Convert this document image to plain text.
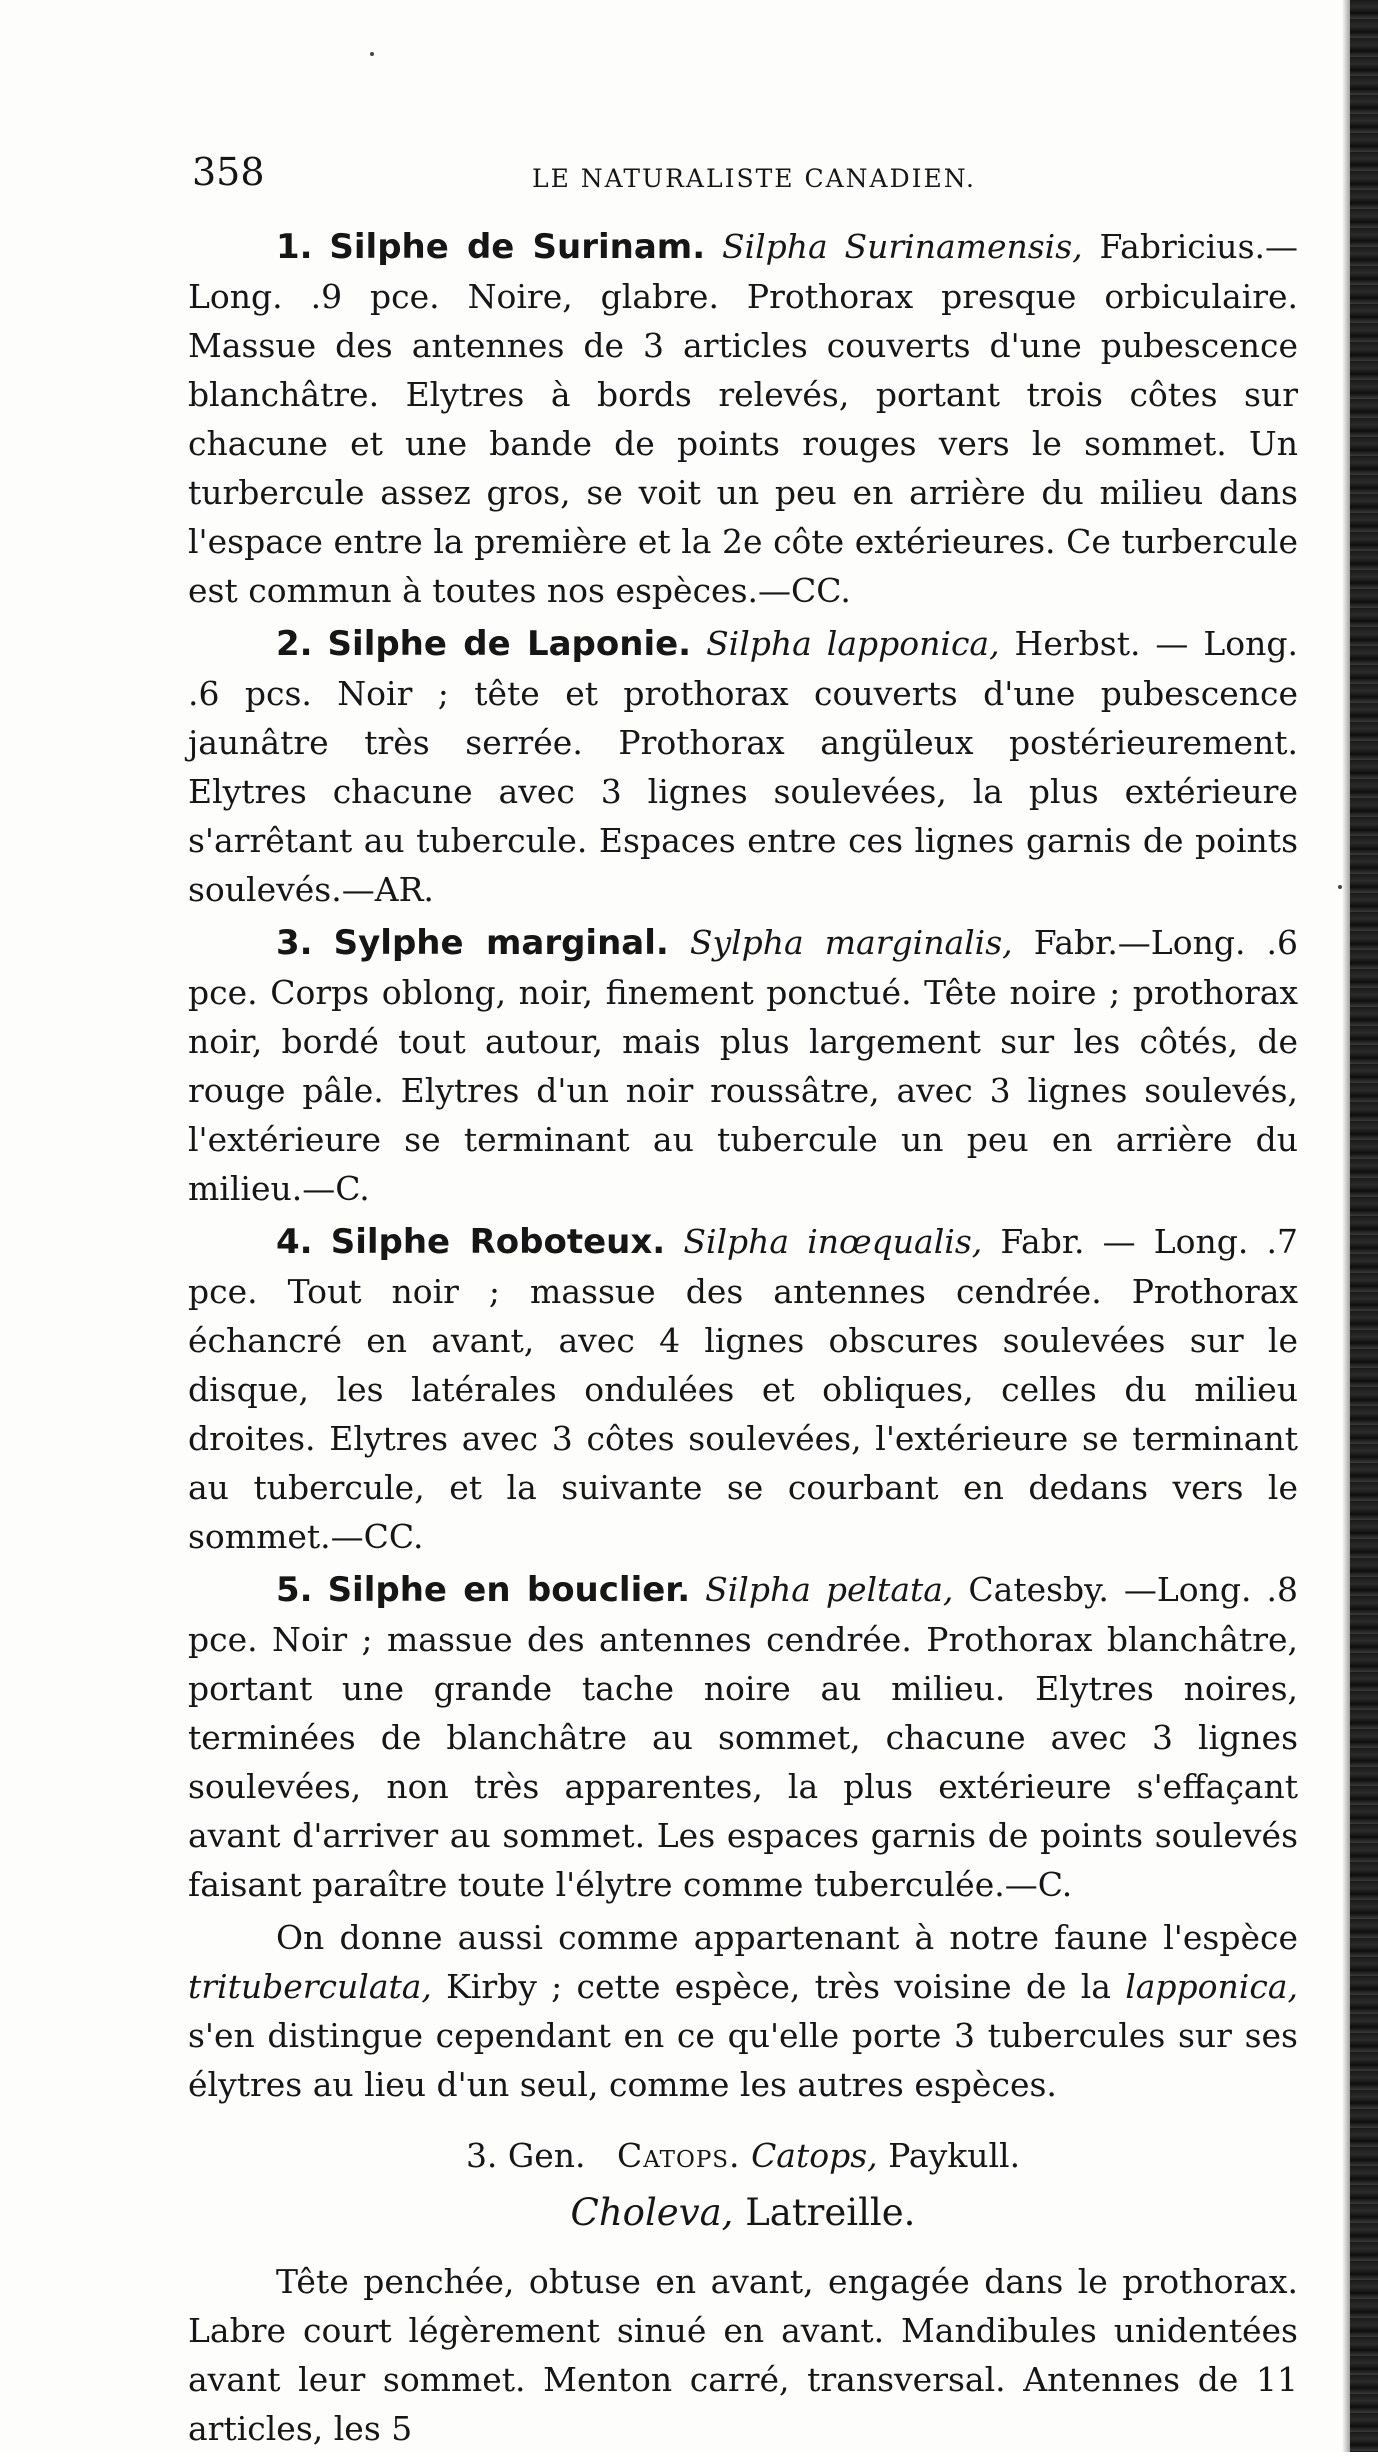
358	LE NATURALISTE CANADIEN.

1. Silphe de Surinam. Silpha Surinamensis, Fabricius.—Long. .9 pce. Noire, glabre. Prothorax presque orbiculaire. Massue des antennes de 3 articles couverts d'une pubescence blanchâtre. Elytres à bords relevés, portant trois côtes sur chacune et une bande de points rouges vers le sommet. Un turbercule assez gros, se voit un peu en arrière du milieu dans l'espace entre la première et la 2e côte extérieures. Ce turbercule est commun à toutes nos espèces.—CC.

2. Silphe de Laponie. Silpha lapponica, Herbst. — Long. .6 pcs. Noir ; tête et prothorax couverts d'une pubescence jaunâtre très serrée. Prothorax angüleux postérieurement. Elytres chacune avec 3 lignes soulevées, la plus extérieure s'arrêtant au tubercule. Espaces entre ces lignes garnis de points soulevés.—AR.

3. Sylphe marginal. Sylpha marginalis, Fabr.—Long. .6 pce. Corps oblong, noir, finement ponctué. Tête noire ; prothorax noir, bordé tout autour, mais plus largement sur les côtés, de rouge pâle. Elytres d'un noir roussâtre, avec 3 lignes soulevés, l'extérieure se terminant au tubercule un peu en arrière du milieu.—C.

4. Silphe Roboteux. Silpha inœqualis, Fabr. — Long. .7 pce. Tout noir ; massue des antennes cendrée. Prothorax échancré en avant, avec 4 lignes obscures soulevées sur le disque, les latérales ondulées et obliques, celles du milieu droites. Elytres avec 3 côtes soulevées, l'extérieure se terminant au tubercule, et la suivante se courbant en dedans vers le sommet.—CC.

5. Silphe en bouclier. Silpha peltata, Catesby. —Long. .8 pce. Noir ; massue des antennes cendrée. Prothorax blanchâtre, portant une grande tache noire au milieu. Elytres noires, terminées de blanchâtre au sommet, chacune avec 3 lignes soulevées, non très apparentes, la plus extérieure s'effaçant avant d'arriver au sommet. Les espaces garnis de points soulevés faisant paraître toute l'élytre comme tuberculée.—C.

On donne aussi comme appartenant à notre faune l'espèce trituberculata, Kirby ; cette espèce, très voisine de la lapponica, s'en distingue cependant en ce qu'elle porte 3 tubercules sur ses élytres au lieu d'un seul, comme les autres espèces.

3. Gen. Catops. Catops, Paykull.

Choleva, Latreille.

Tête penchée, obtuse en avant, engagée dans le prothorax. Labre court légèrement sinué en avant. Mandibules unidentées avant leur sommet. Menton carré, transversal. Antennes de 11 articles, les 5
